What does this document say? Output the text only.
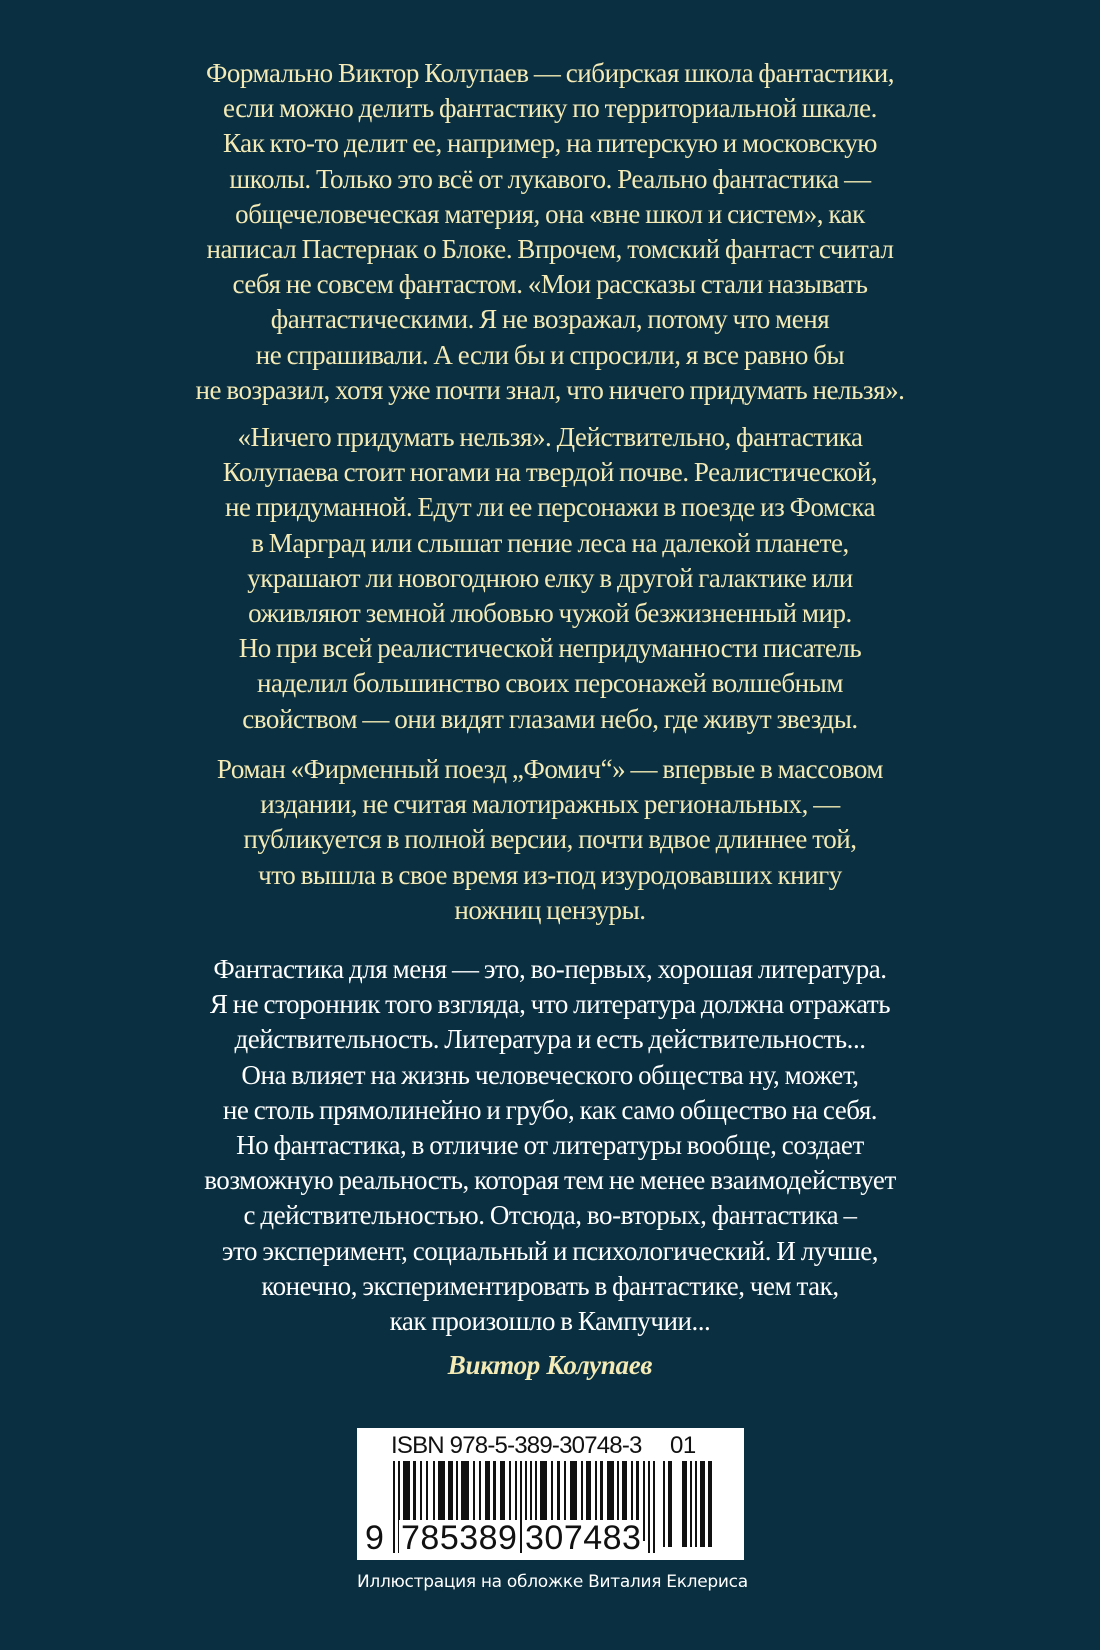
Формально Виктор Колупаев — сибирская школа фантастики,
если можно делить фантастику по территориальной шкале.
Как кто-то делит ее, например, на питерскую и московскую
школы. Только это всё от лукавого. Реально фантастика —
общечеловеческая материя, она «вне школ и систем», как
написал Пастернак о Блоке. Впрочем, томский фантаст считал
себя не совсем фантастом. «Мои рассказы стали называть
фантастическими. Я не возражал, потому что меня
не спрашивали. А если бы и спросили, я все равно бы
не возразил, хотя уже почти знал, что ничего придумать нельзя».
«Ничего придумать нельзя». Действительно, фантастика
Колупаева стоит ногами на твердой почве. Реалистической,
не придуманной. Едут ли ее персонажи в поезде из Фомска
в Марград или слышат пение леса на далекой планете,
украшают ли новогоднюю елку в другой галактике или
оживляют земной любовью чужой безжизненный мир.
Но при всей реалистической непридуманности писатель
наделил большинство своих персонажей волшебным
свойством — они видят глазами небо, где живут звезды.
Роман «Фирменный поезд „Фомич“» — впервые в массовом
издании, не считая малотиражных региональных, —
публикуется в полной версии, почти вдвое длиннее той,
что вышла в свое время из-под изуродовавших книгу
ножниц цензуры.
Фантастика для меня — это, во-первых, хорошая литература.
Я не сторонник того взгляда, что литература должна отражать
действительность. Литература и есть действительность...
Она влияет на жизнь человеческого общества ну, может,
не столь прямолинейно и грубо, как само общество на себя.
Но фантастика, в отличие от литературы вообще, создает
возможную реальность, которая тем не менее взаимодействует
с действительностью. Отсюда, во-вторых, фантастика –
это эксперимент, социальный и психологический. И лучше,
конечно, экспериментировать в фантастике, чем так,
как произошло в Кампучии...
Виктор Колупаев
ISBN 978-5-389-30748-3 01
9 785389 307483
Иллюстрация на обложке Виталия Еклериса
